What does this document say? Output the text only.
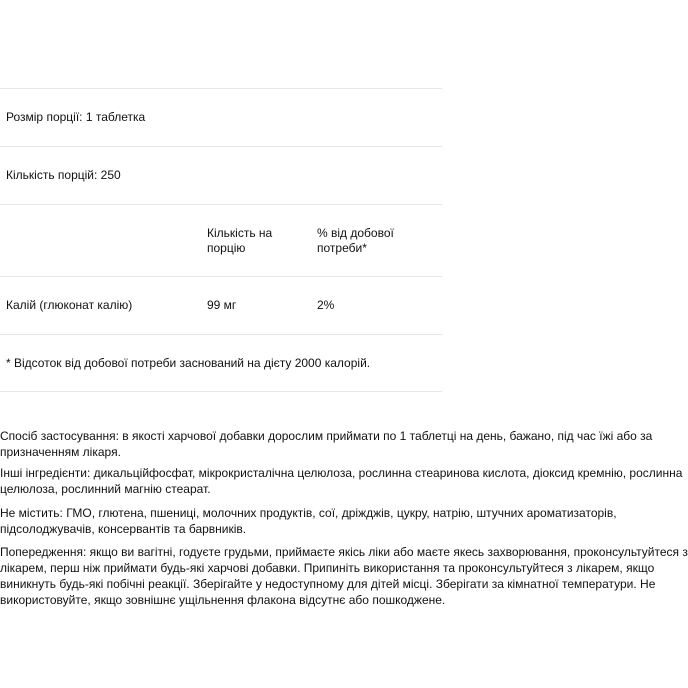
Розмір порції: 1 таблетка
Кількість порцій: 250
Кількість на порцію
% від добової потреби*
Калій (глюконат калію)	99 мг	2%
* Відсоток від добової потреби заснований на дієту 2000 калорій.

Спосіб застосування: в якості харчової добавки дорослим приймати по 1 таблетці на день, бажано, під час їжі або за призначенням лікаря.

Інші інгредієнти: дикальційфосфат, мікрокристалічна целюлоза, рослинна стеаринова кислота, діоксид кремнію, рослинна целюлоза, рослинний магнію стеарат.

Не містить: ГМО, глютена, пшениці, молочних продуктів, сої, дріжджів, цукру, натрію, штучних ароматизаторів, підсолоджувачів, консервантів та барвників.

Попередження: якщо ви вагітні, годуєте грудьми, приймаєте якісь ліки або маєте якесь захворювання, проконсультуйтеся з лікарем, перш ніж приймати будь-які харчові добавки. Припиніть використання та проконсультуйтеся з лікарем, якщо виникнуть будь-які побічні реакції. Зберігайте у недоступному для дітей місці. Зберігати за кімнатної температури. Не використовуйте, якщо зовнішнє ущільнення флакона відсутнє або пошкоджене.
